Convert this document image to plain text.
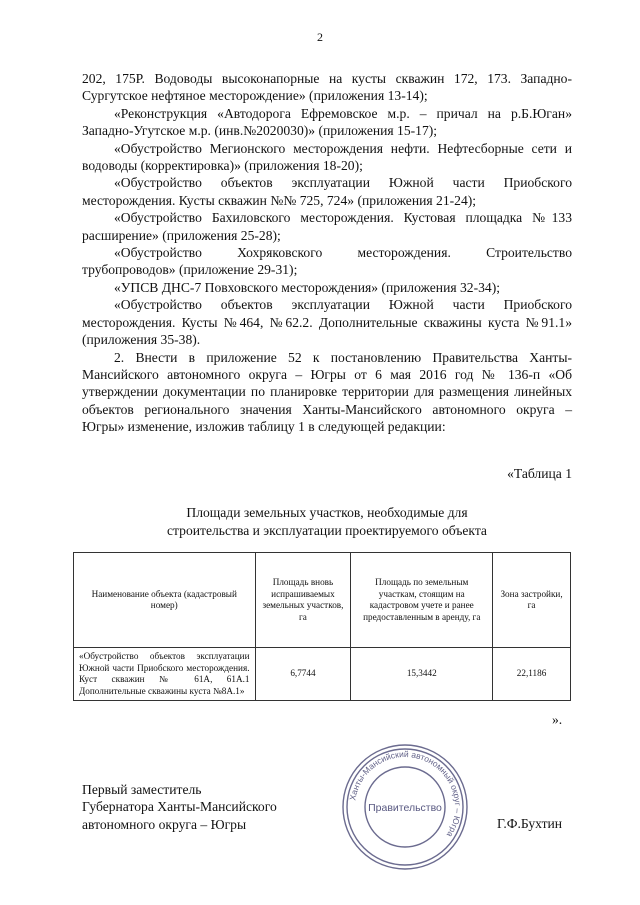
2

202, 175Р. Водоводы высоконапорные на кусты скважин 172, 173. Западно-Сургутское нефтяное месторождение» (приложения 13-14);

«Реконструкция «Автодорога Ефремовское м.р. – причал на р.Б.Юган» Западно-Угутское м.р. (инв.№2020030)» (приложения 15-17);

«Обустройство Мегионского месторождения нефти. Нефтесборные сети и водоводы (корректировка)» (приложения 18-20);

«Обустройство объектов эксплуатации Южной части Приобского месторождения. Кусты скважин №№ 725, 724» (приложения 21-24);

«Обустройство Бахиловского месторождения. Кустовая площадка №133 расширение» (приложения 25-28);

«Обустройство Хохряковского месторождения. Строительство трубопроводов» (приложение 29-31);

«УПСВ ДНС-7 Повховского месторождения» (приложения 32-34);

«Обустройство объектов эксплуатации Южной части Приобского месторождения. Кусты №464, №62.2. Дополнительные скважины куста №91.1» (приложения 35-38).

2. Внести в приложение 52 к постановлению Правительства Ханты-Мансийского автономного округа – Югры от 6 мая 2016 год № 136-п «Об утверждении документации по планировке территории для размещения линейных объектов регионального значения Ханты-Мансийского автономного округа – Югры» изменение, изложив таблицу 1 в следующей редакции:

«Таблица 1
Площади земельных участков, необходимые для
строительства и эксплуатации проектируемого объекта
Наименование объекта (кадастровый номер)	Площадь вновь испрашиваемых земельных участков, га	Площадь по земельным участкам, стоящим на кадастровом учете и ранее предоставленным в аренду, га	Зона застройки, га
«Обустройство объектов эксплуатации Южной части Приобского месторождения. Куст скважин № 61А, 61А.1 Дополнительные скважины куста №8А.1»	6,7744	15,3442	22,1186
».
Первый заместитель
Губернатора Ханты-Мансийского
автономного округа – Югры
Ханты-Мансийский автономный округ – Югра
Правительство
Г.Ф.Бухтин
